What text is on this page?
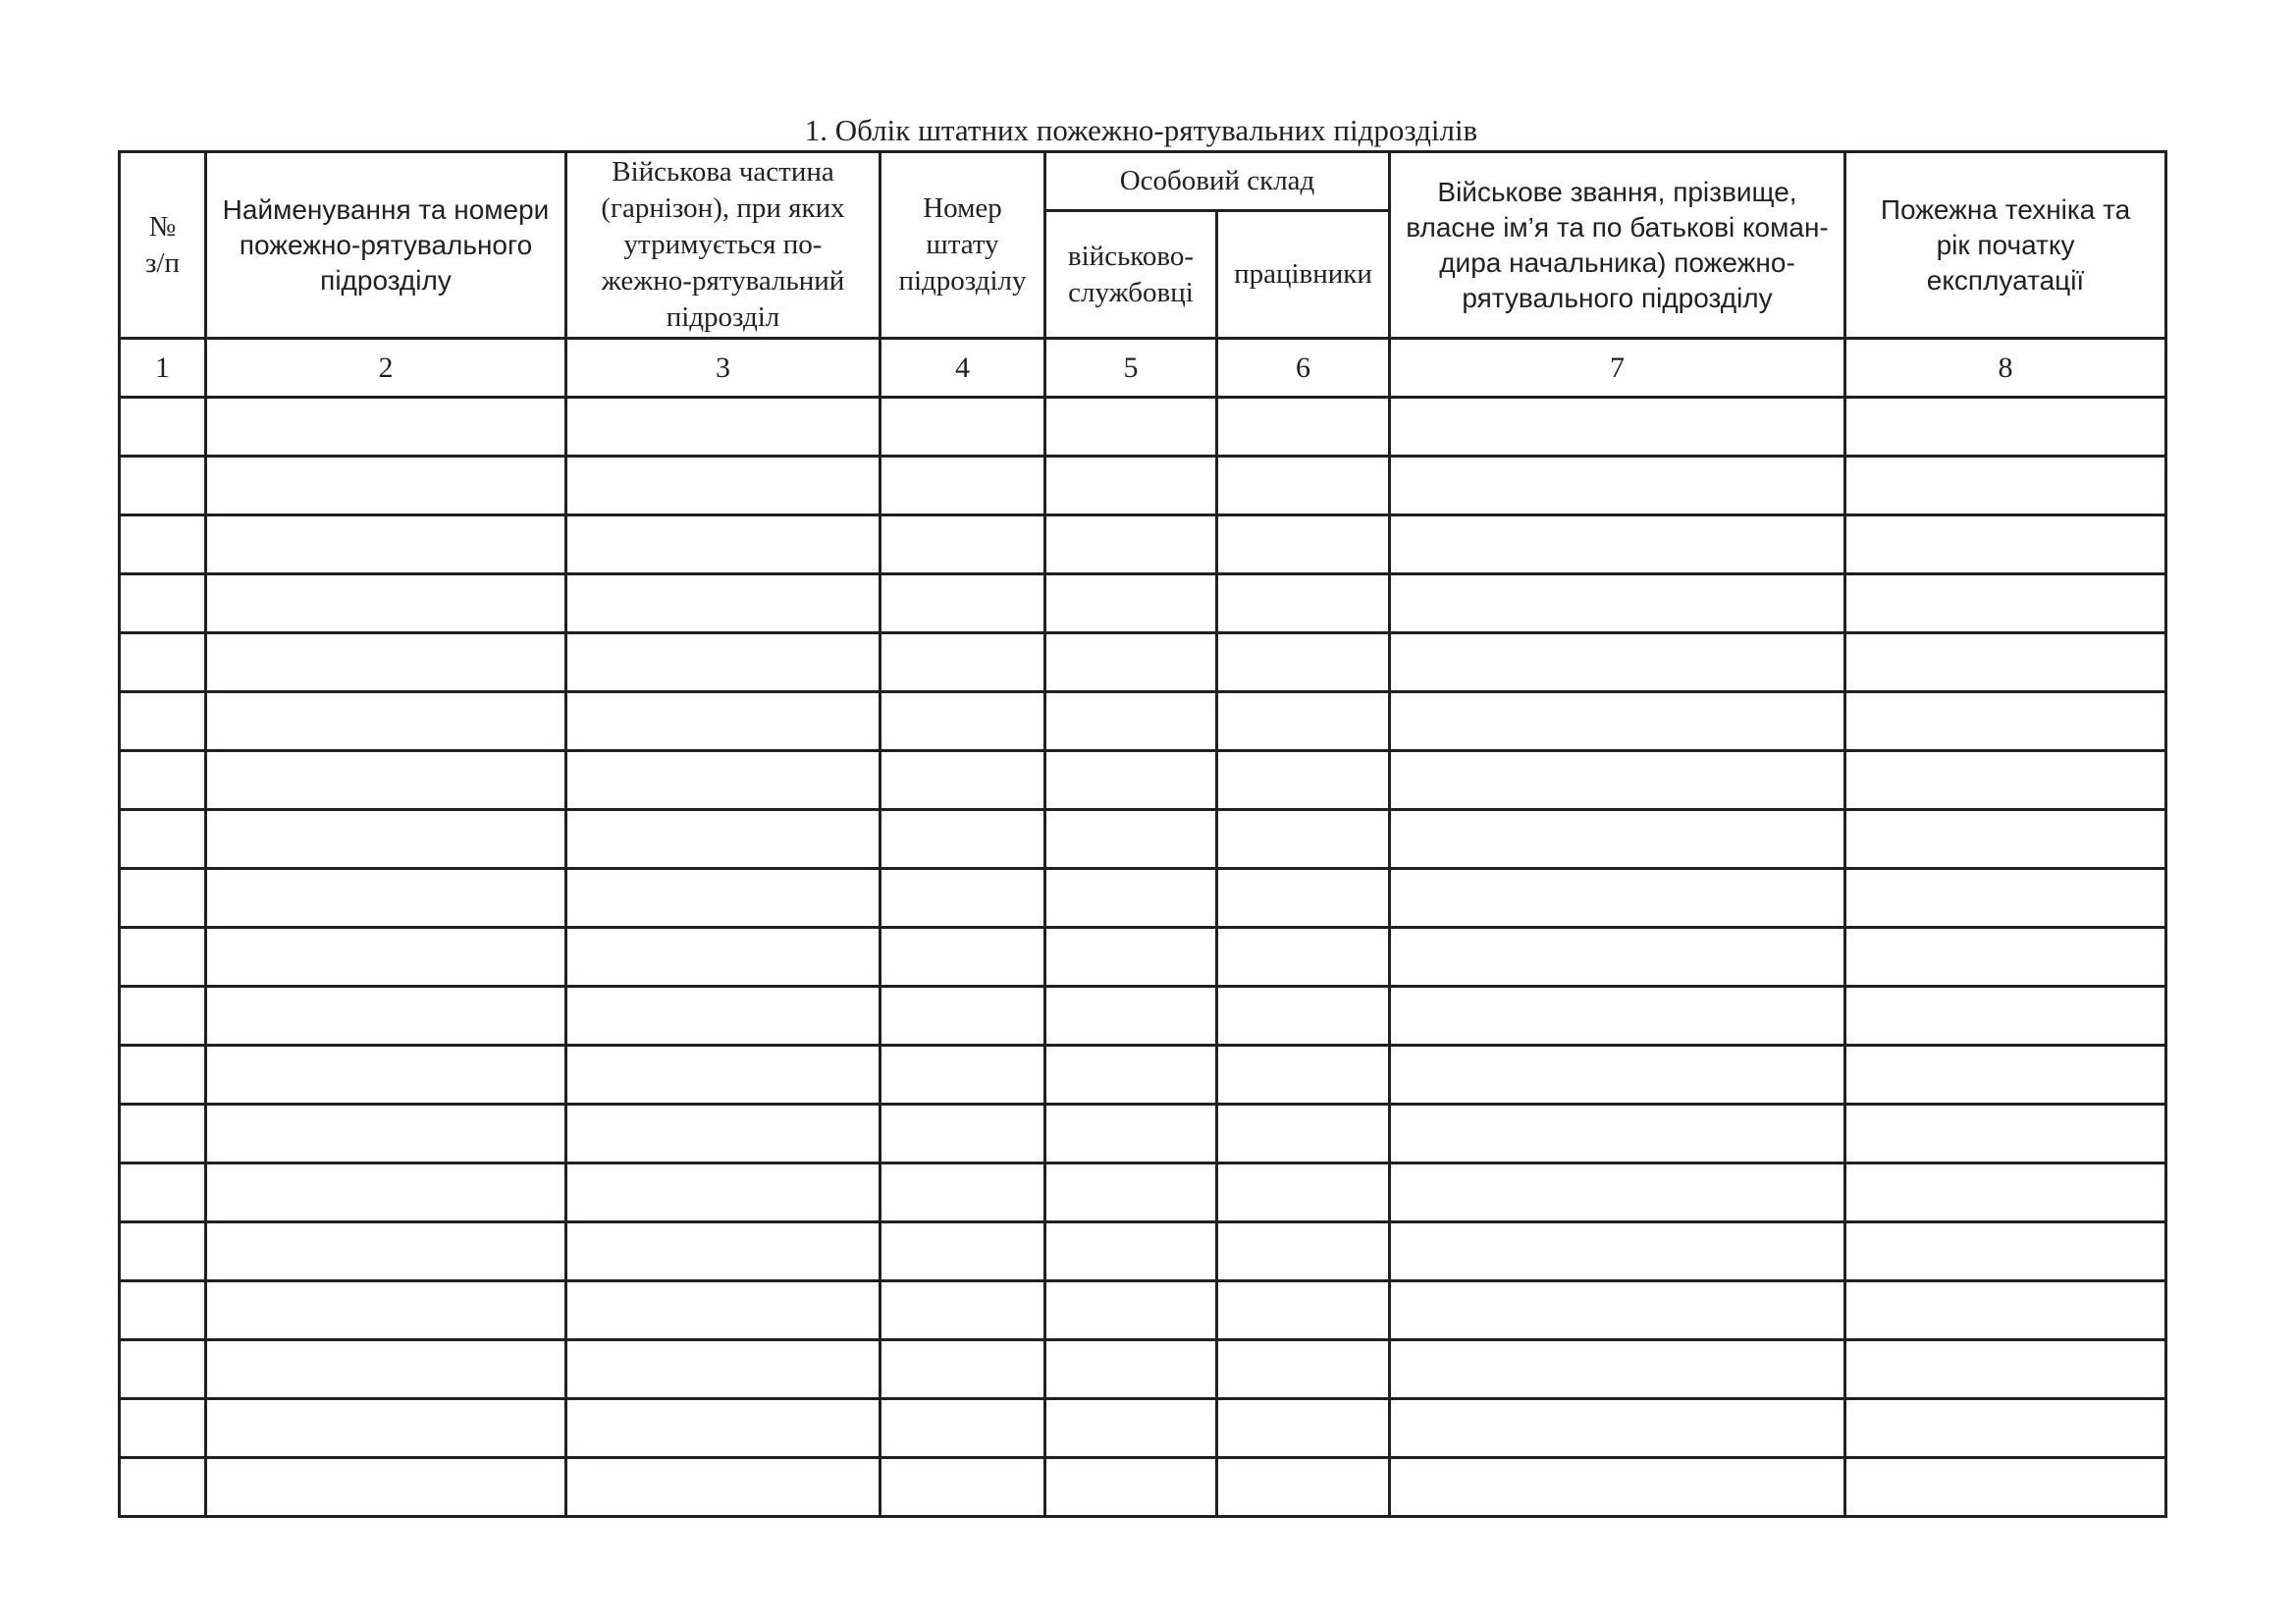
1. Облік штатних пожежно-рятувальних підрозділів
№ з/п	Найменування та номери пожежно-рятувального підрозділу	Військова частина (гарнізон), при яких утримується по-жежно-рятувальний підрозділ	Номер штату підрозділу	Особовий склад		Військове звання, прізвище, власне ім’я та по батькові коман-дира начальника) пожежно-рятувального підрозділу	Пожежна техніка та рік початку експлуатації
				військово-службовці	працівники		
1	2	3	4	5	6	7	8
